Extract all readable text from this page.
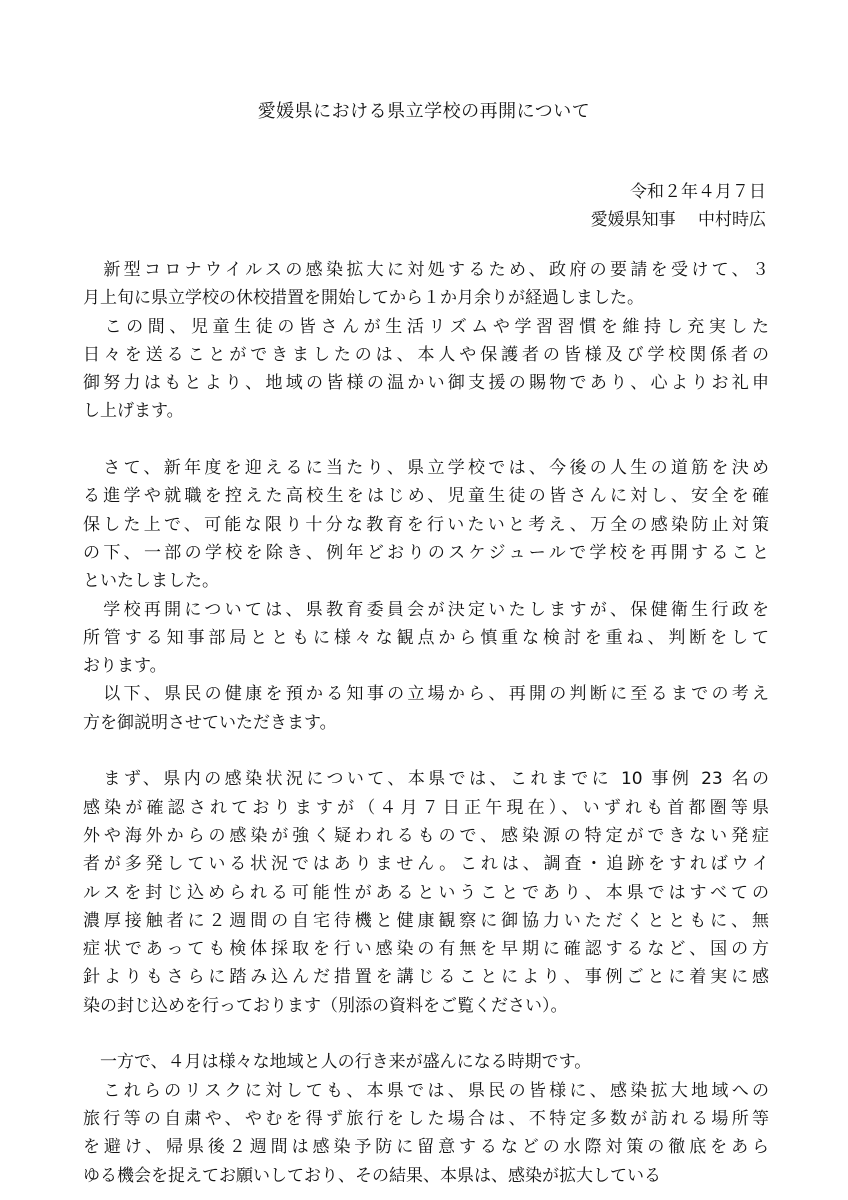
愛媛県における県立学校の再開について
令和２年４月７日
愛媛県知事　 中村時広
　新型コロナウイルスの感染拡大に対処するため、政府の要請を受けて、３
月上旬に県立学校の休校措置を開始してから１か月余りが経過しました。
　この間、児童生徒の皆さんが生活リズムや学習習慣を維持し充実した
日々を送ることができましたのは、本人や保護者の皆様及び学校関係者の
御努力はもとより、地域の皆様の温かい御支援の賜物であり、心よりお礼申
し上げます。
　さて、新年度を迎えるに当たり、県立学校では、今後の人生の道筋を決め
る進学や就職を控えた高校生をはじめ、児童生徒の皆さんに対し、安全を確
保した上で、可能な限り十分な教育を行いたいと考え、万全の感染防止対策
の下、一部の学校を除き、例年どおりのスケジュールで学校を再開すること
といたしました。
　学校再開については、県教育委員会が決定いたしますが、保健衛生行政を
所管する知事部局とともに様々な観点から慎重な検討を重ね、判断をして
おります。
　以下、県民の健康を預かる知事の立場から、再開の判断に至るまでの考え
方を御説明させていただきます。
　まず、県内の感染状況について、本県では、これまでに 10 事例 23 名の
感染が確認されておりますが（４月７日正午現在）、いずれも首都圏等県
外や海外からの感染が強く疑われるもので、感染源の特定ができない発症
者が多発している状況ではありません。これは、調査・追跡をすればウイ
ルスを封じ込められる可能性があるということであり、本県ではすべての
濃厚接触者に２週間の自宅待機と健康観察に御協力いただくとともに、無
症状であっても検体採取を行い感染の有無を早期に確認するなど、国の方
針よりもさらに踏み込んだ措置を講じることにより、事例ごとに着実に感
染の封じ込めを行っております（別添の資料をご覧ください）。
　一方で、４月は様々な地域と人の行き来が盛んになる時期です。
　これらのリスクに対しても、本県では、県民の皆様に、感染拡大地域への
旅行等の自粛や、やむを得ず旅行をした場合は、不特定多数が訪れる場所等
を避け、帰県後２週間は感染予防に留意するなどの水際対策の徹底をあら
ゆる機会を捉えてお願いしており、その結果、本県は、感染が拡大している
